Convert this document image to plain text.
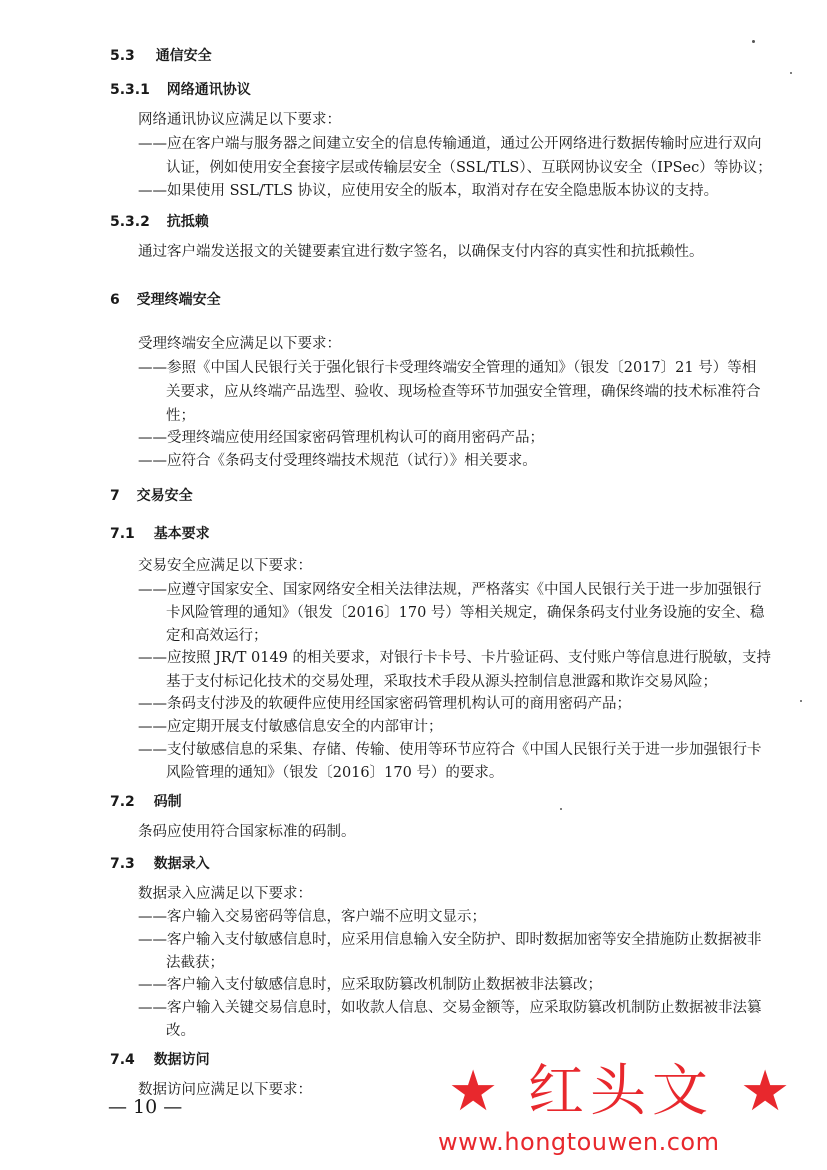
5.3 通信安全
5.3.1 网络通讯协议
网络通讯协议应满足以下要求：
——应在客户端与服务器之间建立安全的信息传输通道，通过公开网络进行数据传输时应进行双向
认证，例如使用安全套接字层或传输层安全（SSL/TLS）、互联网协议安全（IPSec）等协议；
——如果使用 SSL/TLS 协议，应使用安全的版本，取消对存在安全隐患版本协议的支持。
5.3.2 抗抵赖
通过客户端发送报文的关键要素宜进行数字签名，以确保支付内容的真实性和抗抵赖性。
6 受理终端安全
受理终端安全应满足以下要求：
——参照《中国人民银行关于强化银行卡受理终端安全管理的通知》（银发〔2017〕21 号）等相
关要求，应从终端产品选型、验收、现场检查等环节加强安全管理，确保终端的技术标准符合
性；
——受理终端应使用经国家密码管理机构认可的商用密码产品；
——应符合《条码支付受理终端技术规范（试行）》相关要求。
7 交易安全
7.1 基本要求
交易安全应满足以下要求：
——应遵守国家安全、国家网络安全相关法律法规，严格落实《中国人民银行关于进一步加强银行
卡风险管理的通知》（银发〔2016〕170 号）等相关规定，确保条码支付业务设施的安全、稳
定和高效运行；
——应按照 JR/T 0149 的相关要求，对银行卡卡号、卡片验证码、支付账户等信息进行脱敏，支持
基于支付标记化技术的交易处理，采取技术手段从源头控制信息泄露和欺诈交易风险；
——条码支付涉及的软硬件应使用经国家密码管理机构认可的商用密码产品；
——应定期开展支付敏感信息安全的内部审计；
——支付敏感信息的采集、存储、传输、使用等环节应符合《中国人民银行关于进一步加强银行卡
风险管理的通知》（银发〔2016〕170 号）的要求。
7.2 码制
条码应使用符合国家标准的码制。
7.3 数据录入
数据录入应满足以下要求：
——客户输入交易密码等信息，客户端不应明文显示；
——客户输入支付敏感信息时，应采用信息输入安全防护、即时数据加密等安全措施防止数据被非
法截获；
——客户输入支付敏感信息时，应采取防篡改机制防止数据被非法篡改；
——客户输入关键交易信息时，如收款人信息、交易金额等，应采取防篡改机制防止数据被非法篡
改。
7.4 数据访问
数据访问应满足以下要求：
— 10 —	★ 红头文 ★
www.hongtouwen.com
